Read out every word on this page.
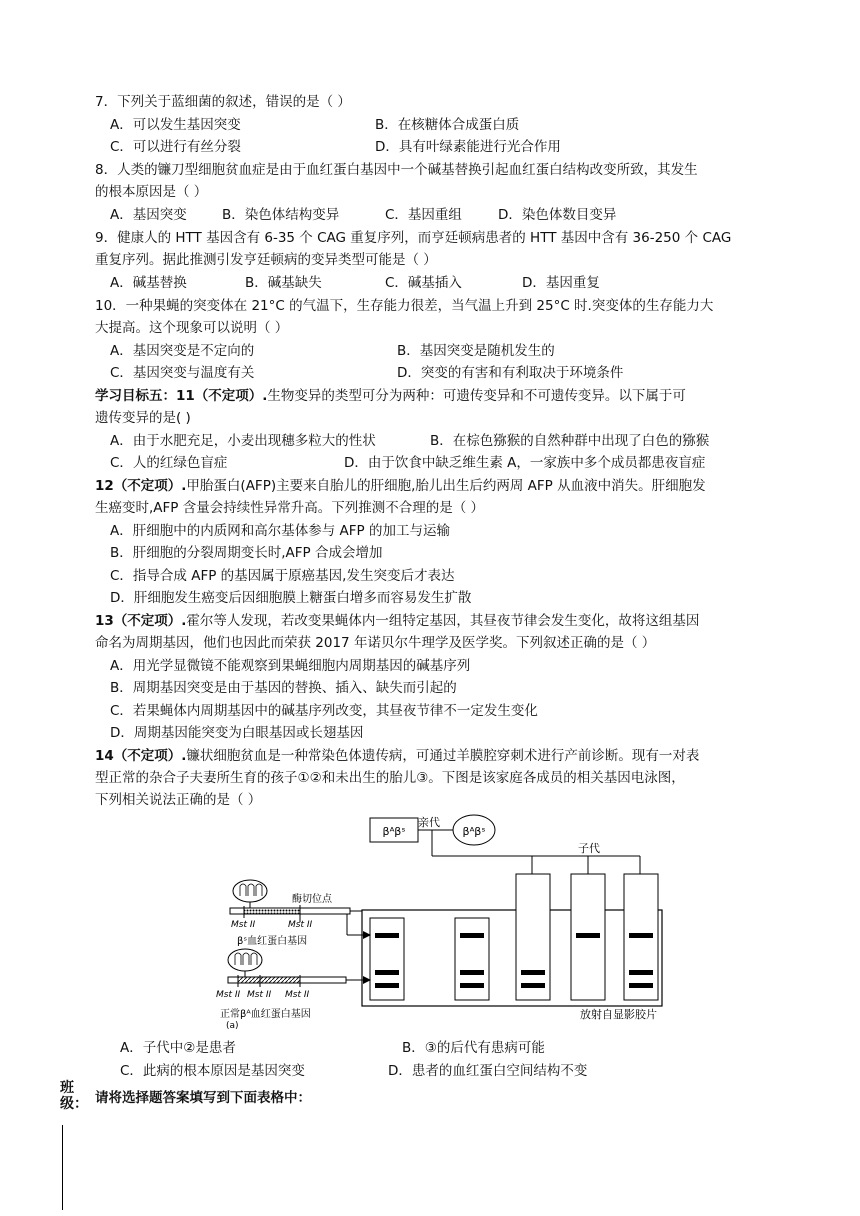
7．下列关于蓝细菌的叙述，错误的是（ ）
A．可以发生基因突变	B．在核糖体合成蛋白质
C．可以进行有丝分裂	D．具有叶绿素能进行光合作用
8．人类的镰刀型细胞贫血症是由于血红蛋白基因中一个碱基替换引起血红蛋白结构改变所致，其发生
的根本原因是（ ）
A．基因突变	B．染色体结构变异	C．基因重组	D．染色体数目变异
9．健康人的 HTT 基因含有 6-35 个 CAG 重复序列，而亨廷顿病患者的 HTT 基因中含有 36-250 个 CAG
重复序列。据此推测引发亨廷顿病的变异类型可能是（ ）
A．碱基替换	B．碱基缺失	C．碱基插入	D．基因重复
10．一种果蝇的突变体在 21°C 的气温下，生存能力很差，当气温上升到 25°C 时.突变体的生存能力大
大提高。这个现象可以说明（ ）
A．基因突变是不定向的	B．基因突变是随机发生的
C．基因突变与温度有关	D．突变的有害和有利取决于环境条件
学习目标五：11（不定项）.生物变异的类型可分为两种：可遗传变异和不可遗传变异。以下属于可
遗传变异的是( )
A．由于水肥充足，小麦出现穗多粒大的性状	B．在棕色猕猴的自然种群中出现了白色的猕猴
C．人的红绿色盲症	D．由于饮食中缺乏维生素 A，一家族中多个成员都患夜盲症
12（不定项）.甲胎蛋白(AFP)主要来自胎儿的肝细胞,胎儿出生后约两周 AFP 从血液中消失。肝细胞发
生癌变时,AFP 含量会持续性异常升高。下列推测不合理的是（ ）
A．肝细胞中的内质网和高尔基体参与 AFP 的加工与运输
B．肝细胞的分裂周期变长时,AFP 合成会增加
C．指导合成 AFP 的基因属于原癌基因,发生突变后才表达
D．肝细胞发生癌变后因细胞膜上糖蛋白增多而容易发生扩散
13（不定项）.霍尔等人发现，若改变果蝇体内一组特定基因，其昼夜节律会发生变化，故将这组基因
命名为周期基因，他们也因此而荣获 2017 年诺贝尔牛理学及医学奖。下列叙述正确的是（ ）
A．用光学显微镜不能观察到果蝇细胞内周期基因的碱基序列
B．周期基因突变是由于基因的替换、插入、缺失而引起的
C．若果蝇体内周期基因中的碱基序列改变，其昼夜节律不一定发生变化
D．周期基因能突变为白眼基因或长翅基因
14（不定项）.镰状细胞贫血是一种常染色体遗传病，可通过羊膜腔穿刺术进行产前诊断。现有一对表
型正常的杂合子夫妻所生育的孩子①②和未出生的胎儿③。下图是该家庭各成员的相关基因电泳图，
下列相关说法正确的是（ ）
βᴬβˢ
亲代
βᴬβˢ
子代
放射自显影胶片
酶切位点
Mst II	Mst II
βˢ血红蛋白基因
Mst II Mst II Mst II
正常βᴬ血红蛋白基因
(a)
A．子代中②是患者	B．③的后代有患病可能
C．此病的根本原因是基因突变	D．患者的血红蛋白空间结构不变
班级： 请将选择题答案填写到下面表格中：
